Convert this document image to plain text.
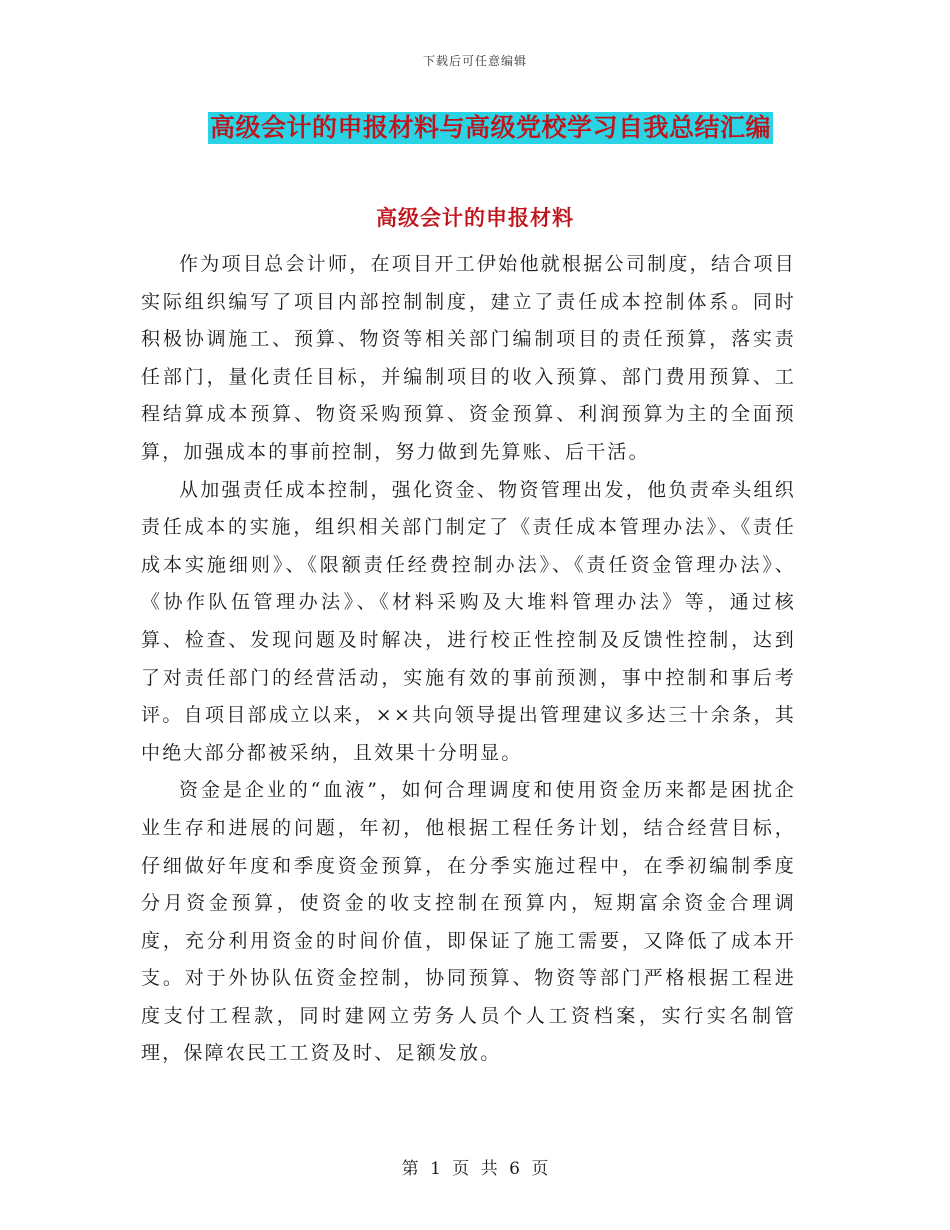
下载后可任意编辑
高级会计的申报材料与高级党校学习自我总结汇编
高级会计的申报材料

作为项目总会计师，在项目开工伊始他就根据公司制度，结合项目实际组织编写了项目内部控制制度，建立了责任成本控制体系。同时积极协调施工、预算、物资等相关部门编制项目的责任预算，落实责任部门，量化责任目标，并编制项目的收入预算、部门费用预算、工程结算成本预算、物资采购预算、资金预算、利润预算为主的全面预算，加强成本的事前控制，努力做到先算账、后干活。

从加强责任成本控制，强化资金、物资管理出发，他负责牵头组织责任成本的实施，组织相关部门制定了《责任成本管理办法》、《责任成本实施细则》、《限额责任经费控制办法》、《责任资金管理办法》、《协作队伍管理办法》、《材料采购及大堆料管理办法》等，通过核算、检查、发现问题及时解决，进行校正性控制及反馈性控制，达到了对责任部门的经营活动，实施有效的事前预测，事中控制和事后考评。自项目部成立以来，××共向领导提出管理建议多达三十余条，其中绝大部分都被采纳，且效果十分明显。

资金是企业的“血液”，如何合理调度和使用资金历来都是困扰企业生存和进展的问题，年初，他根据工程任务计划，结合经营目标，仔细做好年度和季度资金预算，在分季实施过程中，在季初编制季度分月资金预算，使资金的收支控制在预算内，短期富余资金合理调度，充分利用资金的时间价值，即保证了施工需要，又降低了成本开支。对于外协队伍资金控制，协同预算、物资等部门严格根据工程进度支付工程款，同时建网立劳务人员个人工资档案，实行实名制管理，保障农民工工资及时、足额发放。

第 1 页 共 6 页
